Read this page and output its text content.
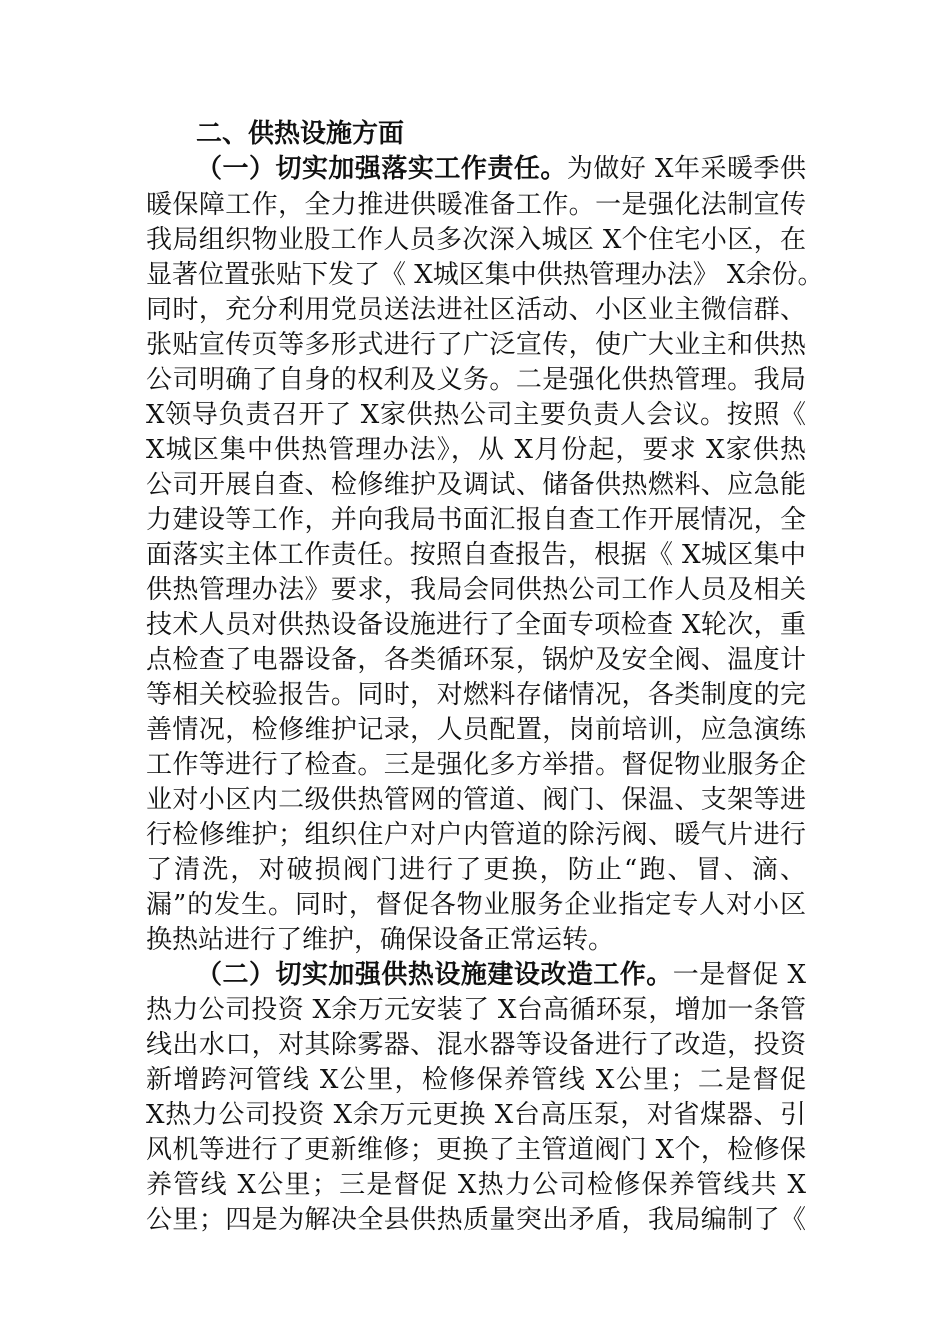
二、供热设施方面
（一）切实加强落实工作责任。为做好 X年采暖季供
暖保障工作，全力推进供暖准备工作。一是强化法制宣传
我局组织物业股工作人员多次深入城区 X个住宅小区，在
显著位置张贴下发了《 X城区集中供热管理办法》 X余份。
同时，充分利用党员送法进社区活动、小区业主微信群、
张贴宣传页等多形式进行了广泛宣传，使广大业主和供热
公司明确了自身的权利及义务。二是强化供热管理。我局
X领导负责召开了 X家供热公司主要负责人会议。按照《
X城区集中供热管理办法》，从 X月份起，要求 X家供热
公司开展自查、检修维护及调试、储备供热燃料、应急能
力建设等工作，并向我局书面汇报自查工作开展情况，全
面落实主体工作责任。按照自查报告，根据《 X城区集中
供热管理办法》要求，我局会同供热公司工作人员及相关
技术人员对供热设备设施进行了全面专项检查 X轮次，重
点检查了电器设备，各类循环泵，锅炉及安全阀、温度计
等相关校验报告。同时，对燃料存储情况，各类制度的完
善情况，检修维护记录，人员配置，岗前培训，应急演练
工作等进行了检查。三是强化多方举措。督促物业服务企
业对小区内二级供热管网的管道、阀门、保温、支架等进
行检修维护；组织住户对户内管道的除污阀、暖气片进行
了清洗，对破损阀门进行了更换，防止“跑、冒、滴、
漏”的发生。同时，督促各物业服务企业指定专人对小区
换热站进行了维护，确保设备正常运转。
（二）切实加强供热设施建设改造工作。一是督促 X
热力公司投资 X余万元安装了 X台高循环泵，增加一条管
线出水口，对其除雾器、混水器等设备进行了改造，投资
新增跨河管线 X公里，检修保养管线 X公里；二是督促
X热力公司投资 X余万元更换 X台高压泵，对省煤器、引
风机等进行了更新维修；更换了主管道阀门 X个，检修保
养管线 X公里；三是督促 X热力公司检修保养管线共 X
公里；四是为解决全县供热质量突出矛盾，我局编制了《
